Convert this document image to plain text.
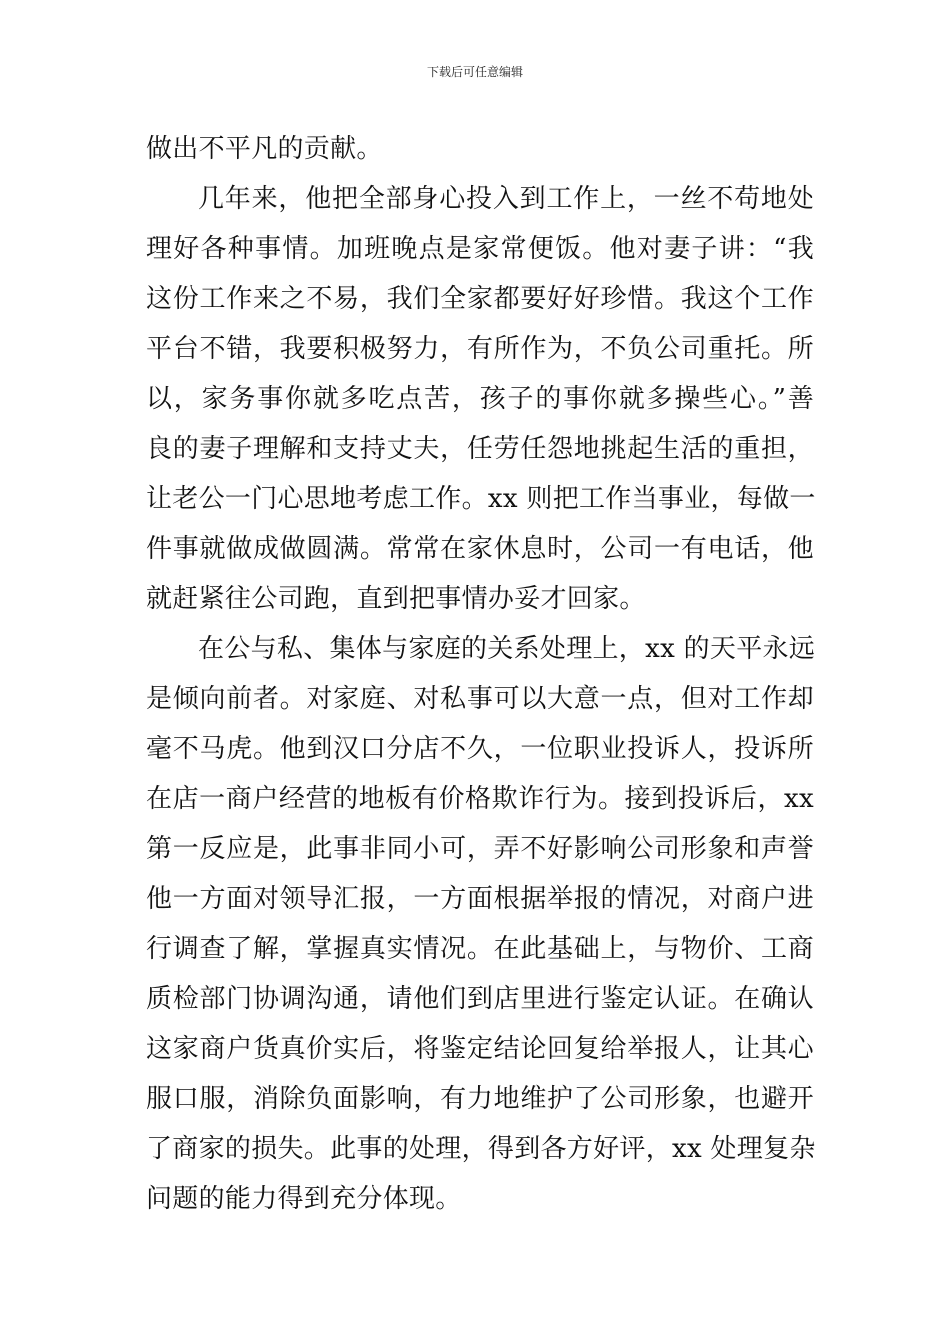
下载后可任意编辑
做出不平凡的贡献。
几年来，他把全部身心投入到工作上，一丝不苟地处
理好各种事情。加班晚点是家常便饭。他对妻子讲：“我
这份工作来之不易，我们全家都要好好珍惜。我这个工作
平台不错，我要积极努力，有所作为，不负公司重托。所
以，家务事你就多吃点苦，孩子的事你就多操些心。”善
良的妻子理解和支持丈夫，任劳任怨地挑起生活的重担，
让老公一门心思地考虑工作。xx 则把工作当事业，每做一
件事就做成做圆满。常常在家休息时，公司一有电话，他
就赶紧往公司跑，直到把事情办妥才回家。
在公与私、集体与家庭的关系处理上，xx 的天平永远
是倾向前者。对家庭、对私事可以大意一点，但对工作却
毫不马虎。他到汉口分店不久，一位职业投诉人，投诉所
在店一商户经营的地板有价格欺诈行为。接到投诉后，xx
第一反应是，此事非同小可，弄不好影响公司形象和声誉
他一方面对领导汇报，一方面根据举报的情况，对商户进
行调查了解，掌握真实情况。在此基础上，与物价、工商
质检部门协调沟通，请他们到店里进行鉴定认证。在确认
这家商户货真价实后，将鉴定结论回复给举报人，让其心
服口服，消除负面影响，有力地维护了公司形象，也避开
了商家的损失。此事的处理，得到各方好评，xx 处理复杂
问题的能力得到充分体现。
